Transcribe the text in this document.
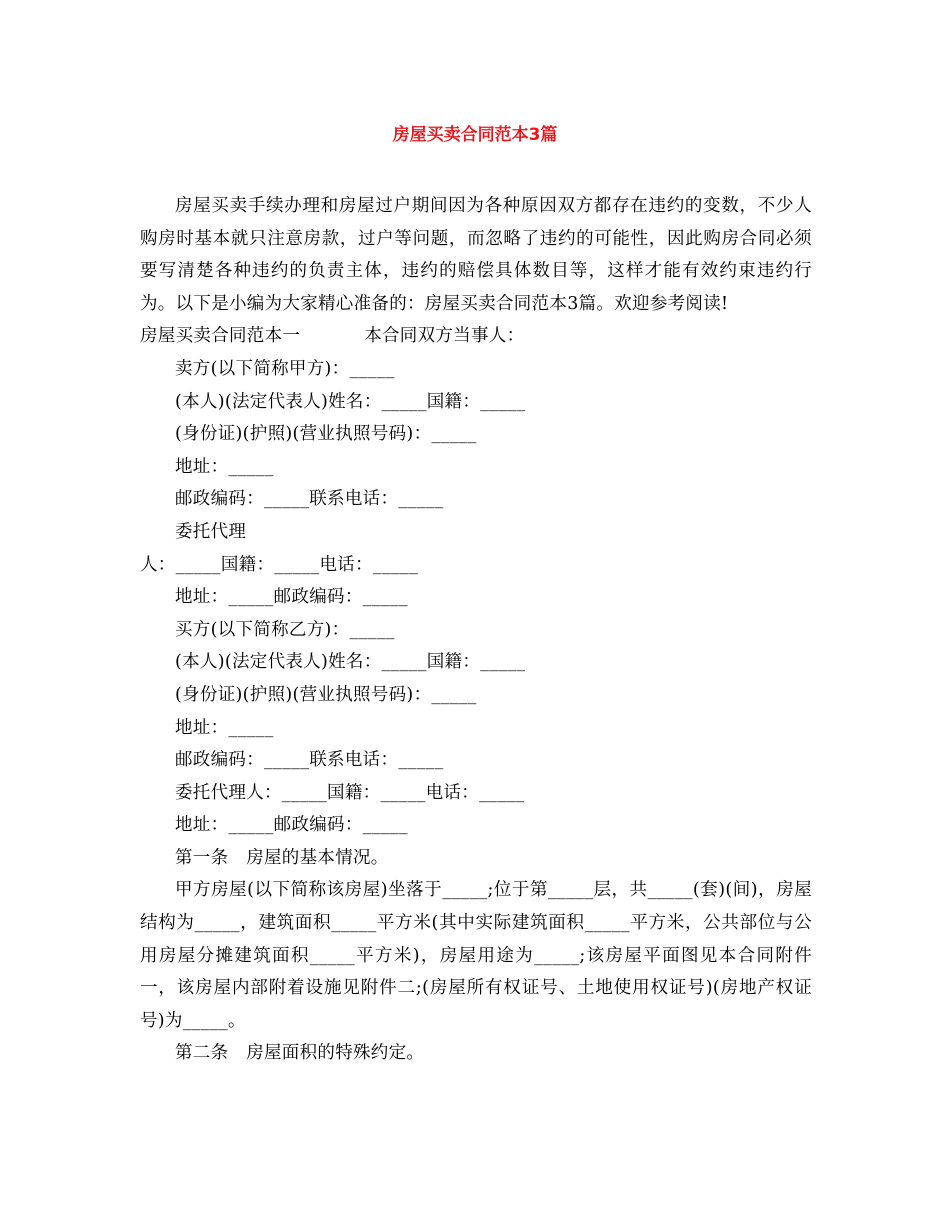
房屋买卖合同范本3篇

房屋买卖手续办理和房屋过户期间因为各种原因双方都存在违约的变数，不少人购房时基本就只注意房款，过户等问题，而忽略了违约的可能性，因此购房合同必须要写清楚各种违约的负责主体，违约的赔偿具体数目等，这样才能有效约束违约行为。以下是小编为大家精心准备的：房屋买卖合同范本3篇。欢迎参考阅读!

房屋买卖合同范本一	本合同双方当事人：

卖方(以下简称甲方)：_____

(本人)(法定代表人)姓名：_____国籍：_____

(身份证)(护照)(营业执照号码)：_____

地址：_____

邮政编码：_____联系电话：_____

委托代理

人：_____国籍：_____电话：_____

地址：_____邮政编码：_____

买方(以下简称乙方)：_____

(本人)(法定代表人)姓名：_____国籍：_____

(身份证)(护照)(营业执照号码)：_____

地址：_____

邮政编码：_____联系电话：_____

委托代理人：_____国籍：_____电话：_____

地址：_____邮政编码：_____

第一条　房屋的基本情况。

甲方房屋(以下简称该房屋)坐落于_____;位于第_____层，共_____(套)(间)，房屋结构为_____，建筑面积_____平方米(其中实际建筑面积_____平方米，公共部位与公用房屋分摊建筑面积_____平方米)，房屋用途为_____;该房屋平面图见本合同附件一，该房屋内部附着设施见附件二;(房屋所有权证号、土地使用权证号)(房地产权证号)为_____。

第二条　房屋面积的特殊约定。
